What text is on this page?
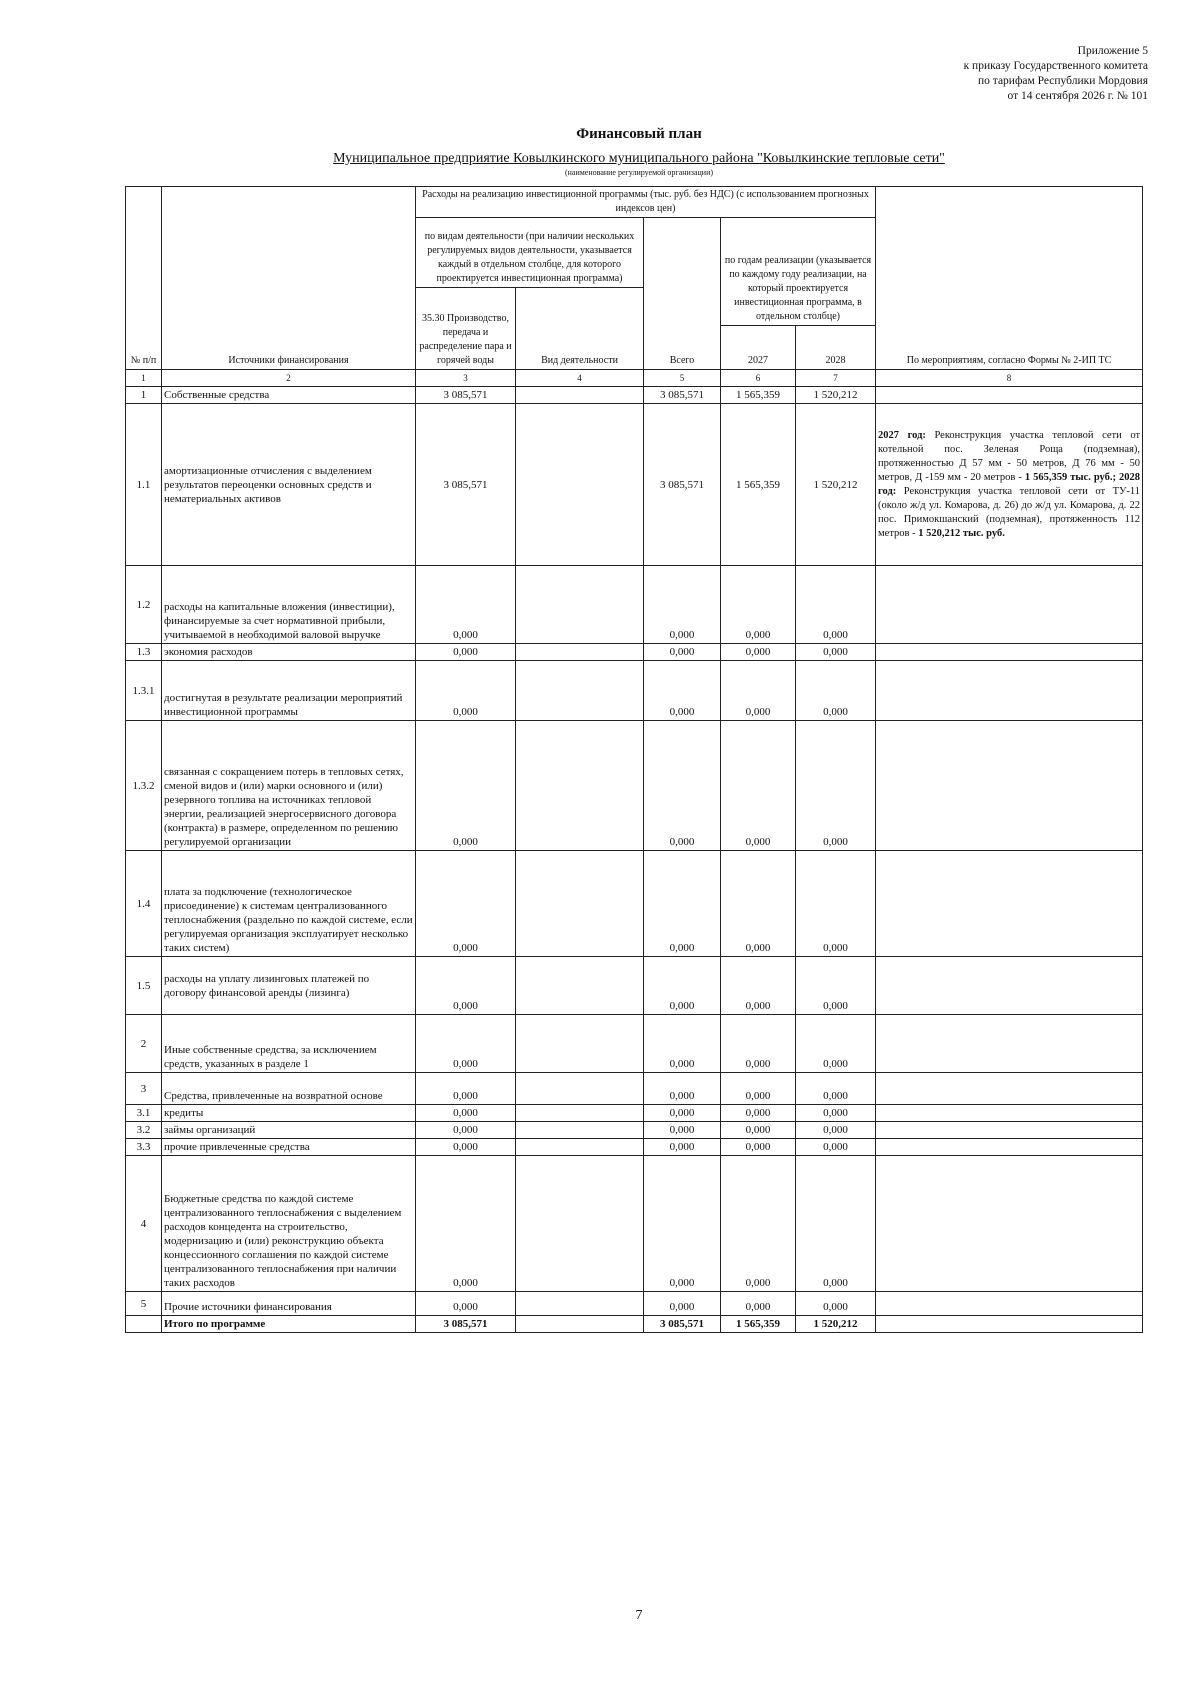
Приложение 5
к приказу Государственного комитета
по тарифам Республики Мордовия
от 14 сентября 2026 г. № 101
Финансовый план
Муниципальное предприятие Ковылкинского муниципального района "Ковылкинские тепловые сети"
(наименование регулируемой организации)
№ п/п	Источники финансирования	Расходы на реализацию инвестиционной программы (тыс. руб. без НДС) (с использованием прогнозных индексов цен)					По мероприятиям, согласно Формы № 2-ИП ТС
		по видам деятельности (при наличии нескольких регулируемых видов деятельности, указывается каждый в отдельном столбце, для которого проектируется инвестиционная программа)		Всего	по годам реализации (указывается по каждому году реализации, на который проектируется инвестиционная программа, в отдельном столбце)		
		35.30 Производство, передача и распределение пара и горячей воды	Вид деятельности				
					2027	2028	
1	2	3	4	5	6	7	8
1	Собственные средства	3 085,571		3 085,571	1 565,359	1 520,212	
1.1	амортизационные отчисления с выделением результатов переоценки основных средств и нематериальных активов	3 085,571		3 085,571	1 565,359	1 520,212	2027 год: Реконструкция участка тепловой сети от котельной пос. Зеленая Роща (подземная), протяженностью Д 57 мм - 50 метров, Д 76 мм - 50 метров, Д -159 мм - 20 метров - 1 565,359 тыс. руб.; 2028 год: Реконструкция участка тепловой сети от ТУ-11 (около ж/д ул. Комарова, д. 26) до ж/д ул. Комарова, д. 22 пос. Примокшанский (подземная), протяженность 112 метров - 1 520,212 тыс. руб.
1.2	расходы на капитальные вложения (инвестиции), финансируемые за счет нормативной прибыли, учитываемой в необходимой валовой выручке	0,000		0,000	0,000	0,000	
1.3	экономия расходов	0,000		0,000	0,000	0,000	
1.3.1	достигнутая в результате реализации мероприятий инвестиционной программы	0,000		0,000	0,000	0,000	
1.3.2	связанная с сокращением потерь в тепловых сетях, сменой видов и (или) марки основного и (или) резервного топлива на источниках тепловой энергии, реализацией энергосервисного договора (контракта) в размере, определенном по решению регулируемой организации	0,000		0,000	0,000	0,000	
1.4	плата за подключение (технологическое присоединение) к системам централизованного теплоснабжения (раздельно по каждой системе, если регулируемая организация эксплуатирует несколько таких систем)	0,000		0,000	0,000	0,000	
1.5	расходы на уплату лизинговых платежей по договору финансовой аренды (лизинга)	0,000		0,000	0,000	0,000	
2	Иные собственные средства, за исключением средств, указанных в разделе 1	0,000		0,000	0,000	0,000	
3	Средства, привлеченные на возвратной основе	0,000		0,000	0,000	0,000	
3.1	кредиты	0,000		0,000	0,000	0,000	
3.2	займы организаций	0,000		0,000	0,000	0,000	
3.3	прочие привлеченные средства	0,000		0,000	0,000	0,000	
4	Бюджетные средства по каждой системе централизованного теплоснабжения с выделением расходов концедента на строительство, модернизацию и (или) реконструкцию объекта концессионного соглашения по каждой системе централизованного теплоснабжения при наличии таких расходов	0,000		0,000	0,000	0,000	
5	Прочие источники финансирования	0,000		0,000	0,000	0,000	
	Итого по программе	3 085,571		3 085,571	1 565,359	1 520,212	
7
